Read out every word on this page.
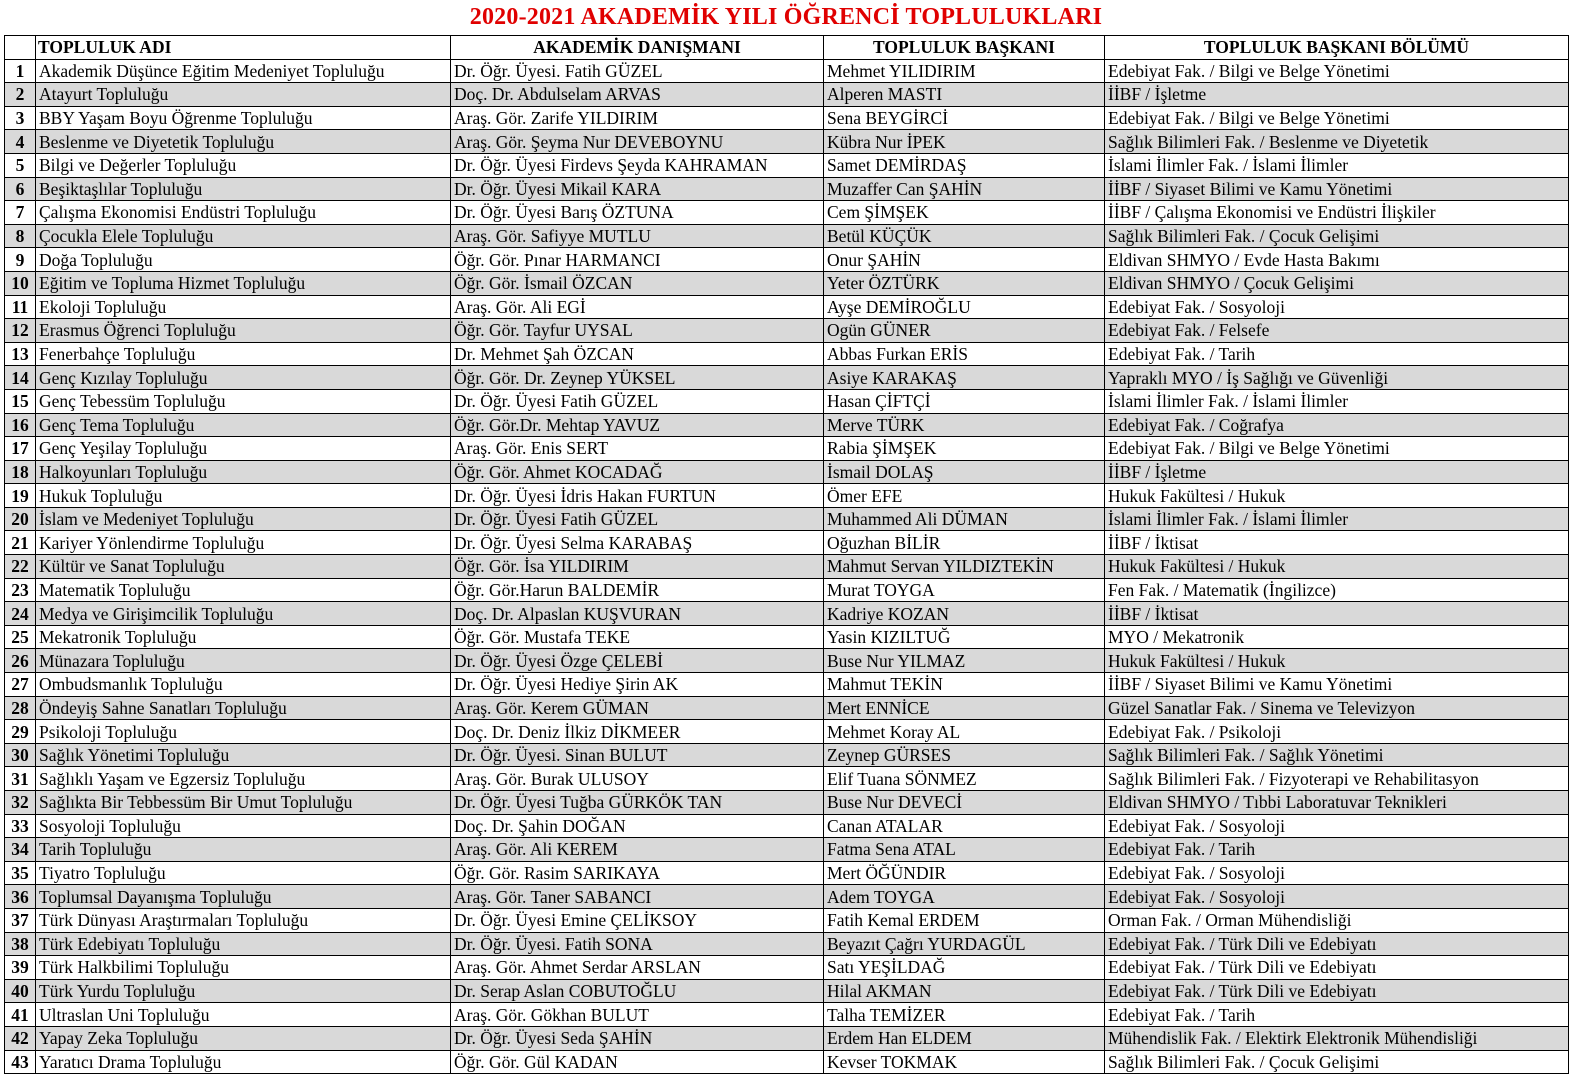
2020-2021 AKADEMİK YILI ÖĞRENCİ TOPLULUKLARI
	TOPLULUK ADI	AKADEMİK DANIŞMANI	TOPLULUK BAŞKANI	TOPLULUK BAŞKANI BÖLÜMÜ
1	Akademik Düşünce Eğitim Medeniyet Topluluğu	Dr. Öğr. Üyesi. Fatih GÜZEL	Mehmet YILIDIRIM	Edebiyat Fak. / Bilgi ve Belge Yönetimi
2	Atayurt Topluluğu	Doç. Dr. Abdulselam ARVAS	Alperen MASTI	İİBF / İşletme
3	BBY Yaşam Boyu Öğrenme Topluluğu	Araş. Gör. Zarife YILDIRIM	Sena BEYGİRCİ	Edebiyat Fak. / Bilgi ve Belge Yönetimi
4	Beslenme ve Diyetetik Topluluğu	Araş. Gör. Şeyma Nur DEVEBOYNU	Kübra Nur İPEK	Sağlık Bilimleri Fak. / Beslenme ve Diyetetik
5	Bilgi ve Değerler Topluluğu	Dr. Öğr. Üyesi Firdevs Şeyda KAHRAMAN	Samet DEMİRDAŞ	İslami İlimler Fak. / İslami İlimler
6	Beşiktaşlılar Topluluğu	Dr. Öğr. Üyesi Mikail KARA	Muzaffer Can ŞAHİN	İİBF / Siyaset Bilimi ve Kamu Yönetimi
7	Çalışma Ekonomisi Endüstri Topluluğu	Dr. Öğr. Üyesi Barış ÖZTUNA	Cem ŞİMŞEK	İİBF / Çalışma Ekonomisi ve Endüstri İlişkiler
8	Çocukla Elele Topluluğu	Araş. Gör. Safiyye MUTLU	Betül KÜÇÜK	Sağlık Bilimleri Fak. / Çocuk Gelişimi
9	Doğa Topluluğu	Öğr. Gör. Pınar HARMANCI	Onur ŞAHİN	Eldivan SHMYO / Evde Hasta Bakımı
10	Eğitim ve Topluma Hizmet Topluluğu	Öğr. Gör. İsmail ÖZCAN	Yeter ÖZTÜRK	Eldivan SHMYO / Çocuk Gelişimi
11	Ekoloji Topluluğu	Araş. Gör. Ali EGİ	Ayşe DEMİROĞLU	Edebiyat Fak. / Sosyoloji
12	Erasmus Öğrenci Topluluğu	Öğr. Gör. Tayfur UYSAL	Ogün GÜNER	Edebiyat Fak. / Felsefe
13	Fenerbahçe Topluluğu	Dr. Mehmet Şah ÖZCAN	Abbas Furkan ERİS	Edebiyat Fak. / Tarih
14	Genç Kızılay Topluluğu	Öğr. Gör. Dr. Zeynep YÜKSEL	Asiye KARAKAŞ	Yapraklı MYO / İş Sağlığı ve Güvenliği
15	Genç Tebessüm Topluluğu	Dr. Öğr. Üyesi Fatih GÜZEL	Hasan ÇİFTÇİ	İslami İlimler Fak. / İslami İlimler
16	Genç Tema Topluluğu	Öğr. Gör.Dr. Mehtap YAVUZ	Merve TÜRK	Edebiyat Fak. / Coğrafya
17	Genç Yeşilay Topluluğu	Araş. Gör. Enis SERT	Rabia ŞİMŞEK	Edebiyat Fak. / Bilgi ve Belge Yönetimi
18	Halkoyunları Topluluğu	Öğr. Gör. Ahmet KOCADAĞ	İsmail DOLAŞ	İİBF / İşletme
19	Hukuk Topluluğu	Dr. Öğr. Üyesi İdris Hakan FURTUN	Ömer EFE	Hukuk Fakültesi / Hukuk
20	İslam ve Medeniyet Topluluğu	Dr. Öğr. Üyesi Fatih GÜZEL	Muhammed Ali DÜMAN	İslami İlimler Fak. / İslami İlimler
21	Kariyer Yönlendirme Topluluğu	Dr. Öğr. Üyesi Selma KARABAŞ	Oğuzhan BİLİR	İİBF / İktisat
22	Kültür ve Sanat Topluluğu	Öğr. Gör. İsa YILDIRIM	Mahmut Servan YILDIZTEKİN	Hukuk Fakültesi / Hukuk
23	Matematik Topluluğu	Öğr. Gör.Harun BALDEMİR	Murat TOYGA	Fen Fak. / Matematik (İngilizce)
24	Medya ve Girişimcilik Topluluğu	Doç. Dr. Alpaslan KUŞVURAN	Kadriye KOZAN	İİBF / İktisat
25	Mekatronik Topluluğu	Öğr. Gör. Mustafa TEKE	Yasin KIZILTUĞ	MYO / Mekatronik
26	Münazara Topluluğu	Dr. Öğr. Üyesi Özge ÇELEBİ	Buse Nur YILMAZ	Hukuk Fakültesi / Hukuk
27	Ombudsmanlık Topluluğu	Dr. Öğr. Üyesi Hediye Şirin AK	Mahmut TEKİN	İİBF / Siyaset Bilimi ve Kamu Yönetimi
28	Öndeyiş Sahne Sanatları Topluluğu	Araş. Gör. Kerem GÜMAN	Mert ENNİCE	Güzel Sanatlar Fak. / Sinema ve Televizyon
29	Psikoloji Topluluğu	Doç. Dr. Deniz İlkiz DİKMEER	Mehmet Koray AL	Edebiyat Fak. / Psikoloji
30	Sağlık Yönetimi Topluluğu	Dr. Öğr. Üyesi. Sinan BULUT	Zeynep GÜRSES	Sağlık Bilimleri Fak. / Sağlık Yönetimi
31	Sağlıklı Yaşam ve Egzersiz Topluluğu	Araş. Gör. Burak ULUSOY	Elif Tuana SÖNMEZ	Sağlık Bilimleri Fak. / Fizyoterapi ve Rehabilitasyon
32	Sağlıkta Bir Tebbessüm Bir Umut Topluluğu	Dr. Öğr. Üyesi Tuğba GÜRKÖK TAN	Buse Nur DEVECİ	Eldivan SHMYO / Tıbbi Laboratuvar Teknikleri
33	Sosyoloji Topluluğu	Doç. Dr. Şahin DOĞAN	Canan ATALAR	Edebiyat Fak. / Sosyoloji
34	Tarih Topluluğu	Araş. Gör. Ali KEREM	Fatma Sena ATAL	Edebiyat Fak. / Tarih
35	Tiyatro Topluluğu	Öğr. Gör. Rasim SARIKAYA	Mert ÖĞÜNDIR	Edebiyat Fak. / Sosyoloji
36	Toplumsal Dayanışma Topluluğu	Araş. Gör. Taner SABANCI	Adem TOYGA	Edebiyat Fak. / Sosyoloji
37	Türk Dünyası Araştırmaları Topluluğu	Dr. Öğr. Üyesi Emine ÇELİKSOY	Fatih Kemal ERDEM	Orman Fak. / Orman Mühendisliği
38	Türk Edebiyatı Topluluğu	Dr. Öğr. Üyesi. Fatih SONA	Beyazıt Çağrı YURDAGÜL	Edebiyat Fak. / Türk Dili ve Edebiyatı
39	Türk Halkbilimi Topluluğu	Araş. Gör. Ahmet Serdar ARSLAN	Satı YEŞİLDAĞ	Edebiyat Fak. / Türk Dili ve Edebiyatı
40	Türk Yurdu Topluluğu	Dr. Serap Aslan COBUTOĞLU	Hilal AKMAN	Edebiyat Fak. / Türk Dili ve Edebiyatı
41	Ultraslan Uni Topluluğu	Araş. Gör. Gökhan BULUT	Talha TEMİZER	Edebiyat Fak. / Tarih
42	Yapay Zeka Topluluğu	Dr. Öğr. Üyesi Seda ŞAHİN	Erdem Han ELDEM	Mühendislik Fak. / Elektirk Elektronik Mühendisliği
43	Yaratıcı Drama Topluluğu	Öğr. Gör. Gül KADAN	Kevser TOKMAK	Sağlık Bilimleri Fak. / Çocuk Gelişimi
